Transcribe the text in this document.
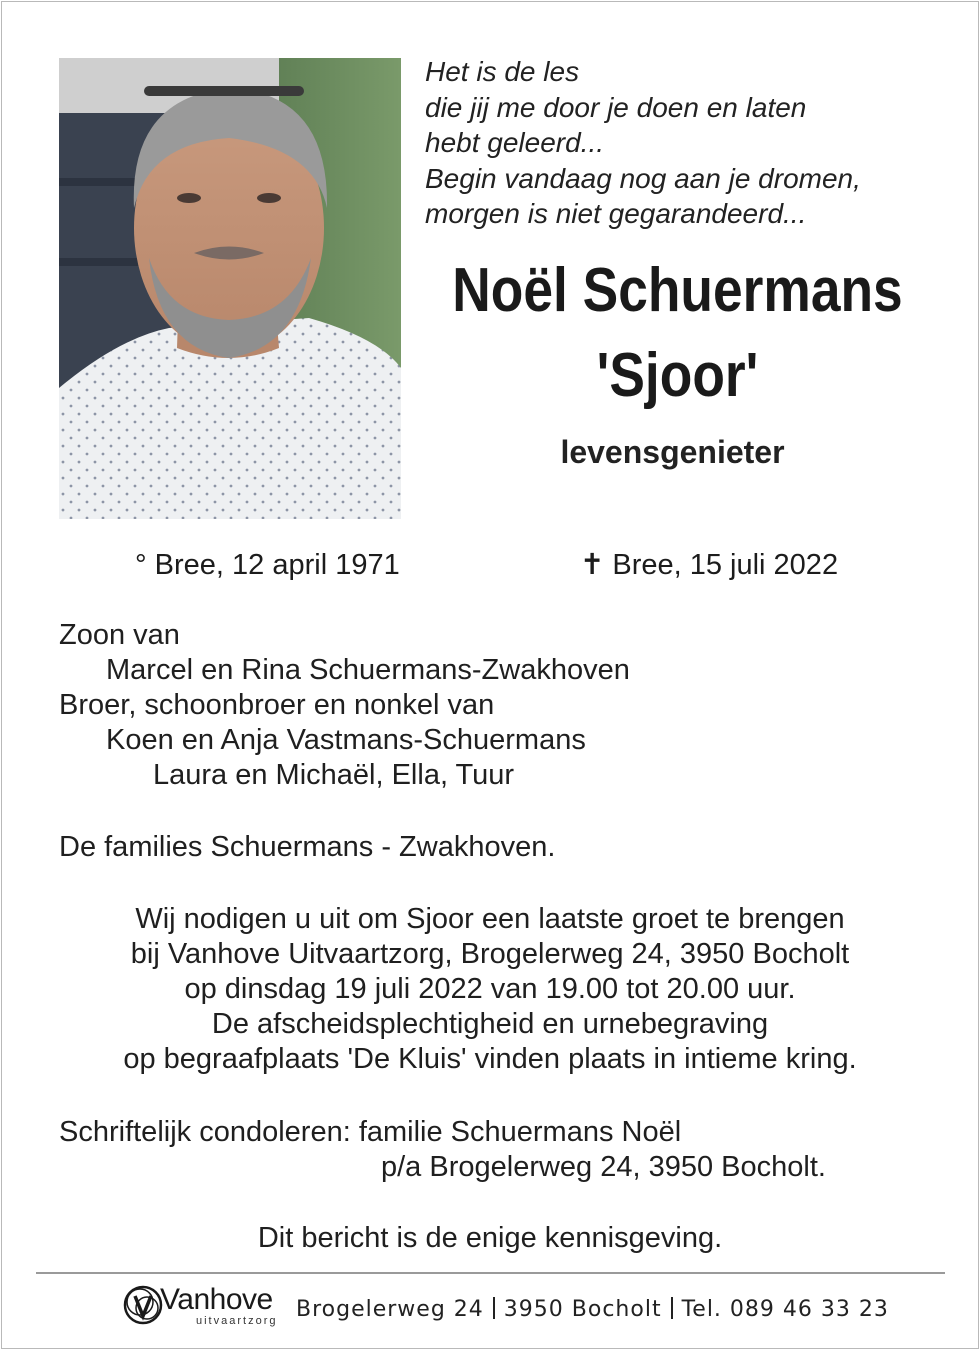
Het is de les
die jij me door je doen en laten
hebt geleerd...
Begin vandaag nog aan je dromen,
morgen is niet gegarandeerd...
Noël Schuermans
'Sjoor'
levensgenieter
° Bree, 12 april 1971	✝ Bree, 15 juli 2022
Zoon van
Marcel en Rina Schuermans-Zwakhoven
Broer, schoonbroer en nonkel van
Koen en Anja Vastmans-Schuermans
Laura en Michaël, Ella, Tuur
De families Schuermans - Zwakhoven.
Wij nodigen u uit om Sjoor een laatste groet te brengen
bij Vanhove Uitvaartzorg, Brogelerweg 24, 3950 Bocholt
op dinsdag 19 juli 2022 van 19.00 tot 20.00 uur.
De afscheidsplechtigheid en urnebegraving
op begraafplaats 'De Kluis' vinden plaats in intieme kring.
Schriftelijk condoleren: familie Schuermans Noël
p/a Brogelerweg 24, 3950 Bocholt.
Dit bericht is de enige kennisgeving.
Vanhove
uitvaartzorg Brogelerweg 24 3950 Bocholt Tel. 089 46 33 23
